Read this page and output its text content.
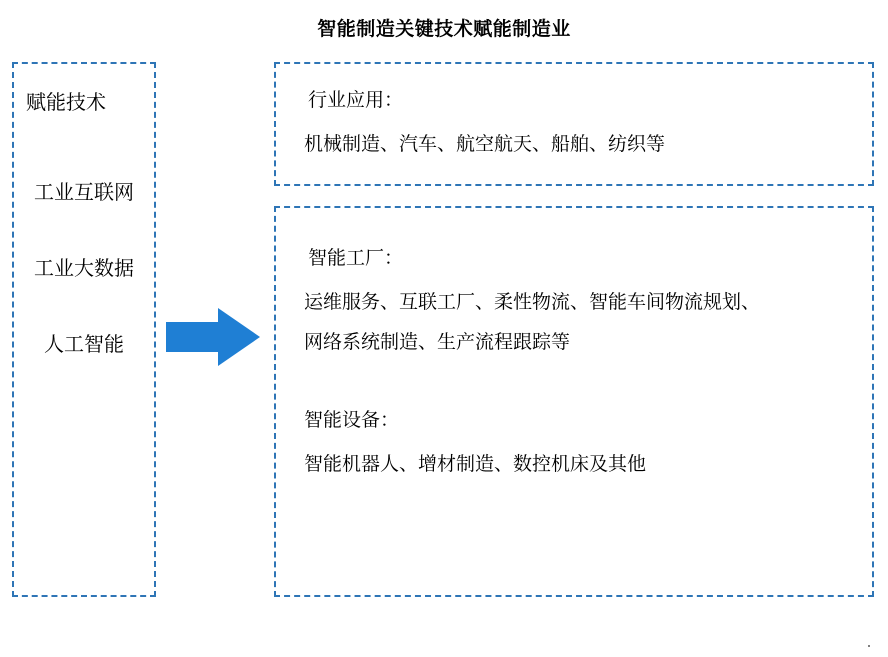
智能制造关键技术赋能制造业
赋能技术
工业互联网
工业大数据
人工智能
行业应用：
机械制造、汽车、航空航天、船舶、纺织等
智能工厂：
运维服务、互联工厂、柔性物流、智能车间物流规划、
网络系统制造、生产流程跟踪等
智能设备：
智能机器人、增材制造、数控机床及其他
